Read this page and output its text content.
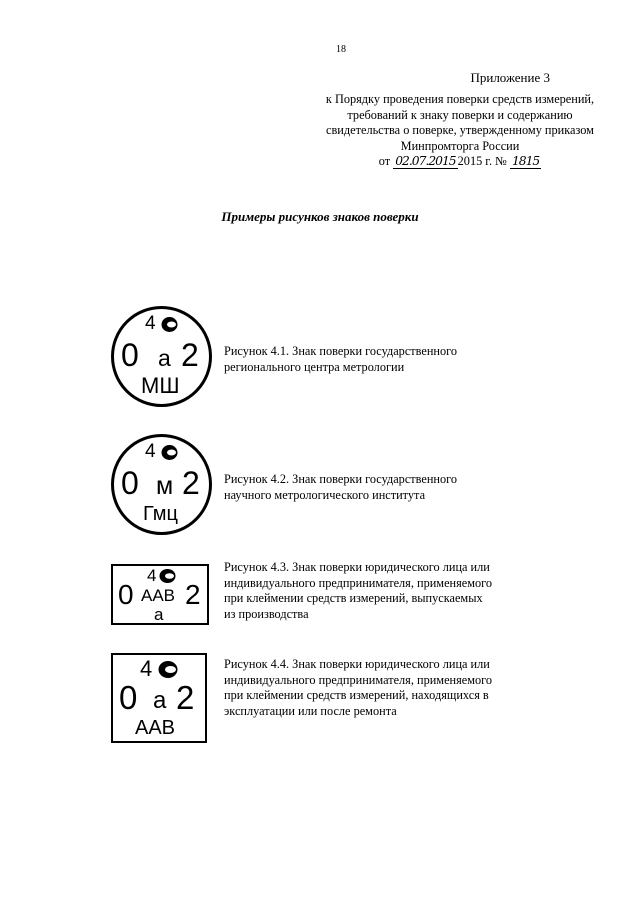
18
Приложение 3
к Порядку проведения поверки средств измерений,
требований к знаку поверки и содержанию
свидетельства о поверке, утвержденному приказом
Минпромторга России
от 02.07.2015 2015 г. № 1815
Примеры рисунков знаков поверки
4
0 а 2
МШ
Рисунок 4.1. Знак поверки государственного регионального центра метрологии
4
0 м 2
Гмц
Рисунок 4.2. Знак поверки государственного научного метрологического института
4
0 ААВ 2
а
Рисунок 4.3. Знак поверки юридического лица или индивидуального предпринимателя, применяемого при клеймении средств измерений, выпускаемых из производства
4
0 а 2
ААВ
Рисунок 4.4. Знак поверки юридического лица или индивидуального предпринимателя, применяемого при клеймении средств измерений, находящихся в эксплуатации или после ремонта
